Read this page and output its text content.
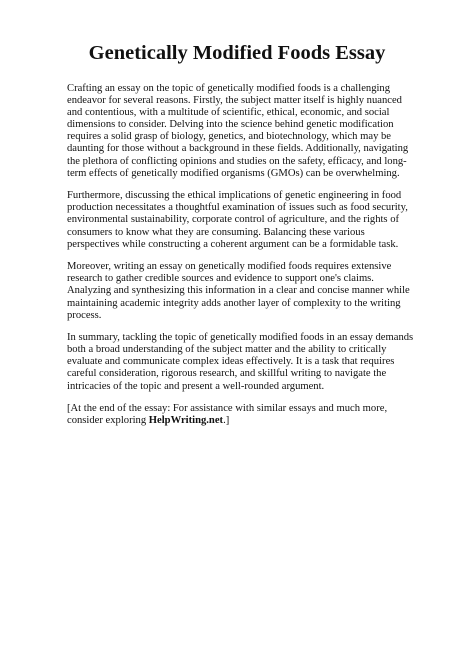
Genetically Modified Foods Essay

Crafting an essay on the topic of genetically modified foods is a challenging endeavor for several reasons. Firstly, the subject matter itself is highly nuanced and contentious, with a multitude of scientific, ethical, economic, and social dimensions to consider. Delving into the science behind genetic modification requires a solid grasp of biology, genetics, and biotechnology, which may be daunting for those without a background in these fields. Additionally, navigating the plethora of conflicting opinions and studies on the safety, efficacy, and long-term effects of genetically modified organisms (GMOs) can be overwhelming.

Furthermore, discussing the ethical implications of genetic engineering in food production necessitates a thoughtful examination of issues such as food security, environmental sustainability, corporate control of agriculture, and the rights of consumers to know what they are consuming. Balancing these various perspectives while constructing a coherent argument can be a formidable task.

Moreover, writing an essay on genetically modified foods requires extensive research to gather credible sources and evidence to support one's claims. Analyzing and synthesizing this information in a clear and concise manner while maintaining academic integrity adds another layer of complexity to the writing process.

In summary, tackling the topic of genetically modified foods in an essay demands both a broad understanding of the subject matter and the ability to critically evaluate and communicate complex ideas effectively. It is a task that requires careful consideration, rigorous research, and skillful writing to navigate the intricacies of the topic and present a well-rounded argument.

[At the end of the essay: For assistance with similar essays and much more, consider exploring HelpWriting.net.]
